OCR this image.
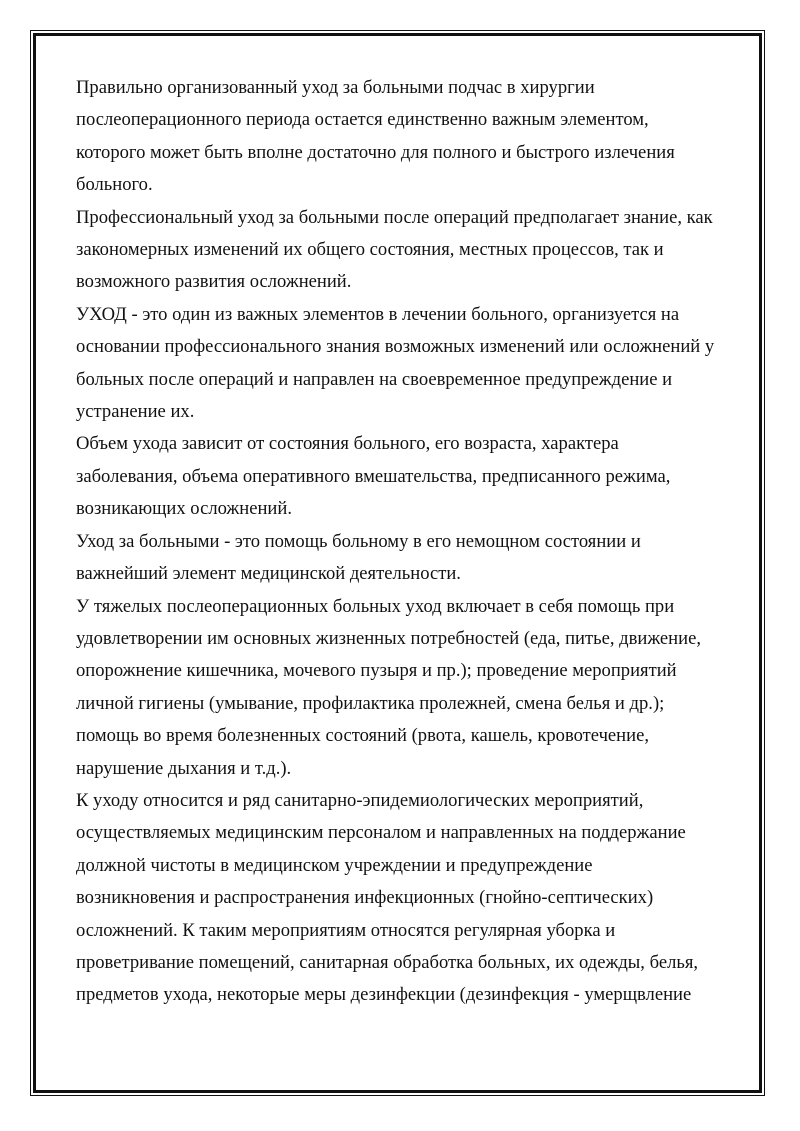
Правильно организованный уход за больными подчас в хирургии
послеоперационного периода остается единственно важным элементом,
которого может быть вполне достаточно для полного и быстрого излечения
больного.
Профессиональный уход за больными после операций предполагает знание, как
закономерных изменений их общего состояния, местных процессов, так и
возможного развития осложнений.
УХОД - это один из важных элементов в лечении больного, организуется на
основании профессионального знания возможных изменений или осложнений у
больных после операций и направлен на своевременное предупреждение и
устранение их.
Объем ухода зависит от состояния больного, его возраста, характера
заболевания, объема оперативного вмешательства, предписанного режима,
возникающих осложнений.
Уход за больными - это помощь больному в его немощном состоянии и
важнейший элемент медицинской деятельности.
У тяжелых послеоперационных больных уход включает в себя помощь при
удовлетворении им основных жизненных потребностей (еда, питье, движение,
опорожнение кишечника, мочевого пузыря и пр.); проведение мероприятий
личной гигиены (умывание, профилактика пролежней, смена белья и др.);
помощь во время болезненных состояний (рвота, кашель, кровотечение,
нарушение дыхания и т.д.).
К уходу относится и ряд санитарно-эпидемиологических мероприятий,
осуществляемых медицинским персоналом и направленных на поддержание
должной чистоты в медицинском учреждении и предупреждение
возникновения и распространения инфекционных (гнойно-септических)
осложнений. К таким мероприятиям относятся регулярная уборка и
проветривание помещений, санитарная обработка больных, их одежды, белья,
предметов ухода, некоторые меры дезинфекции (дезинфекция - умерщвление
